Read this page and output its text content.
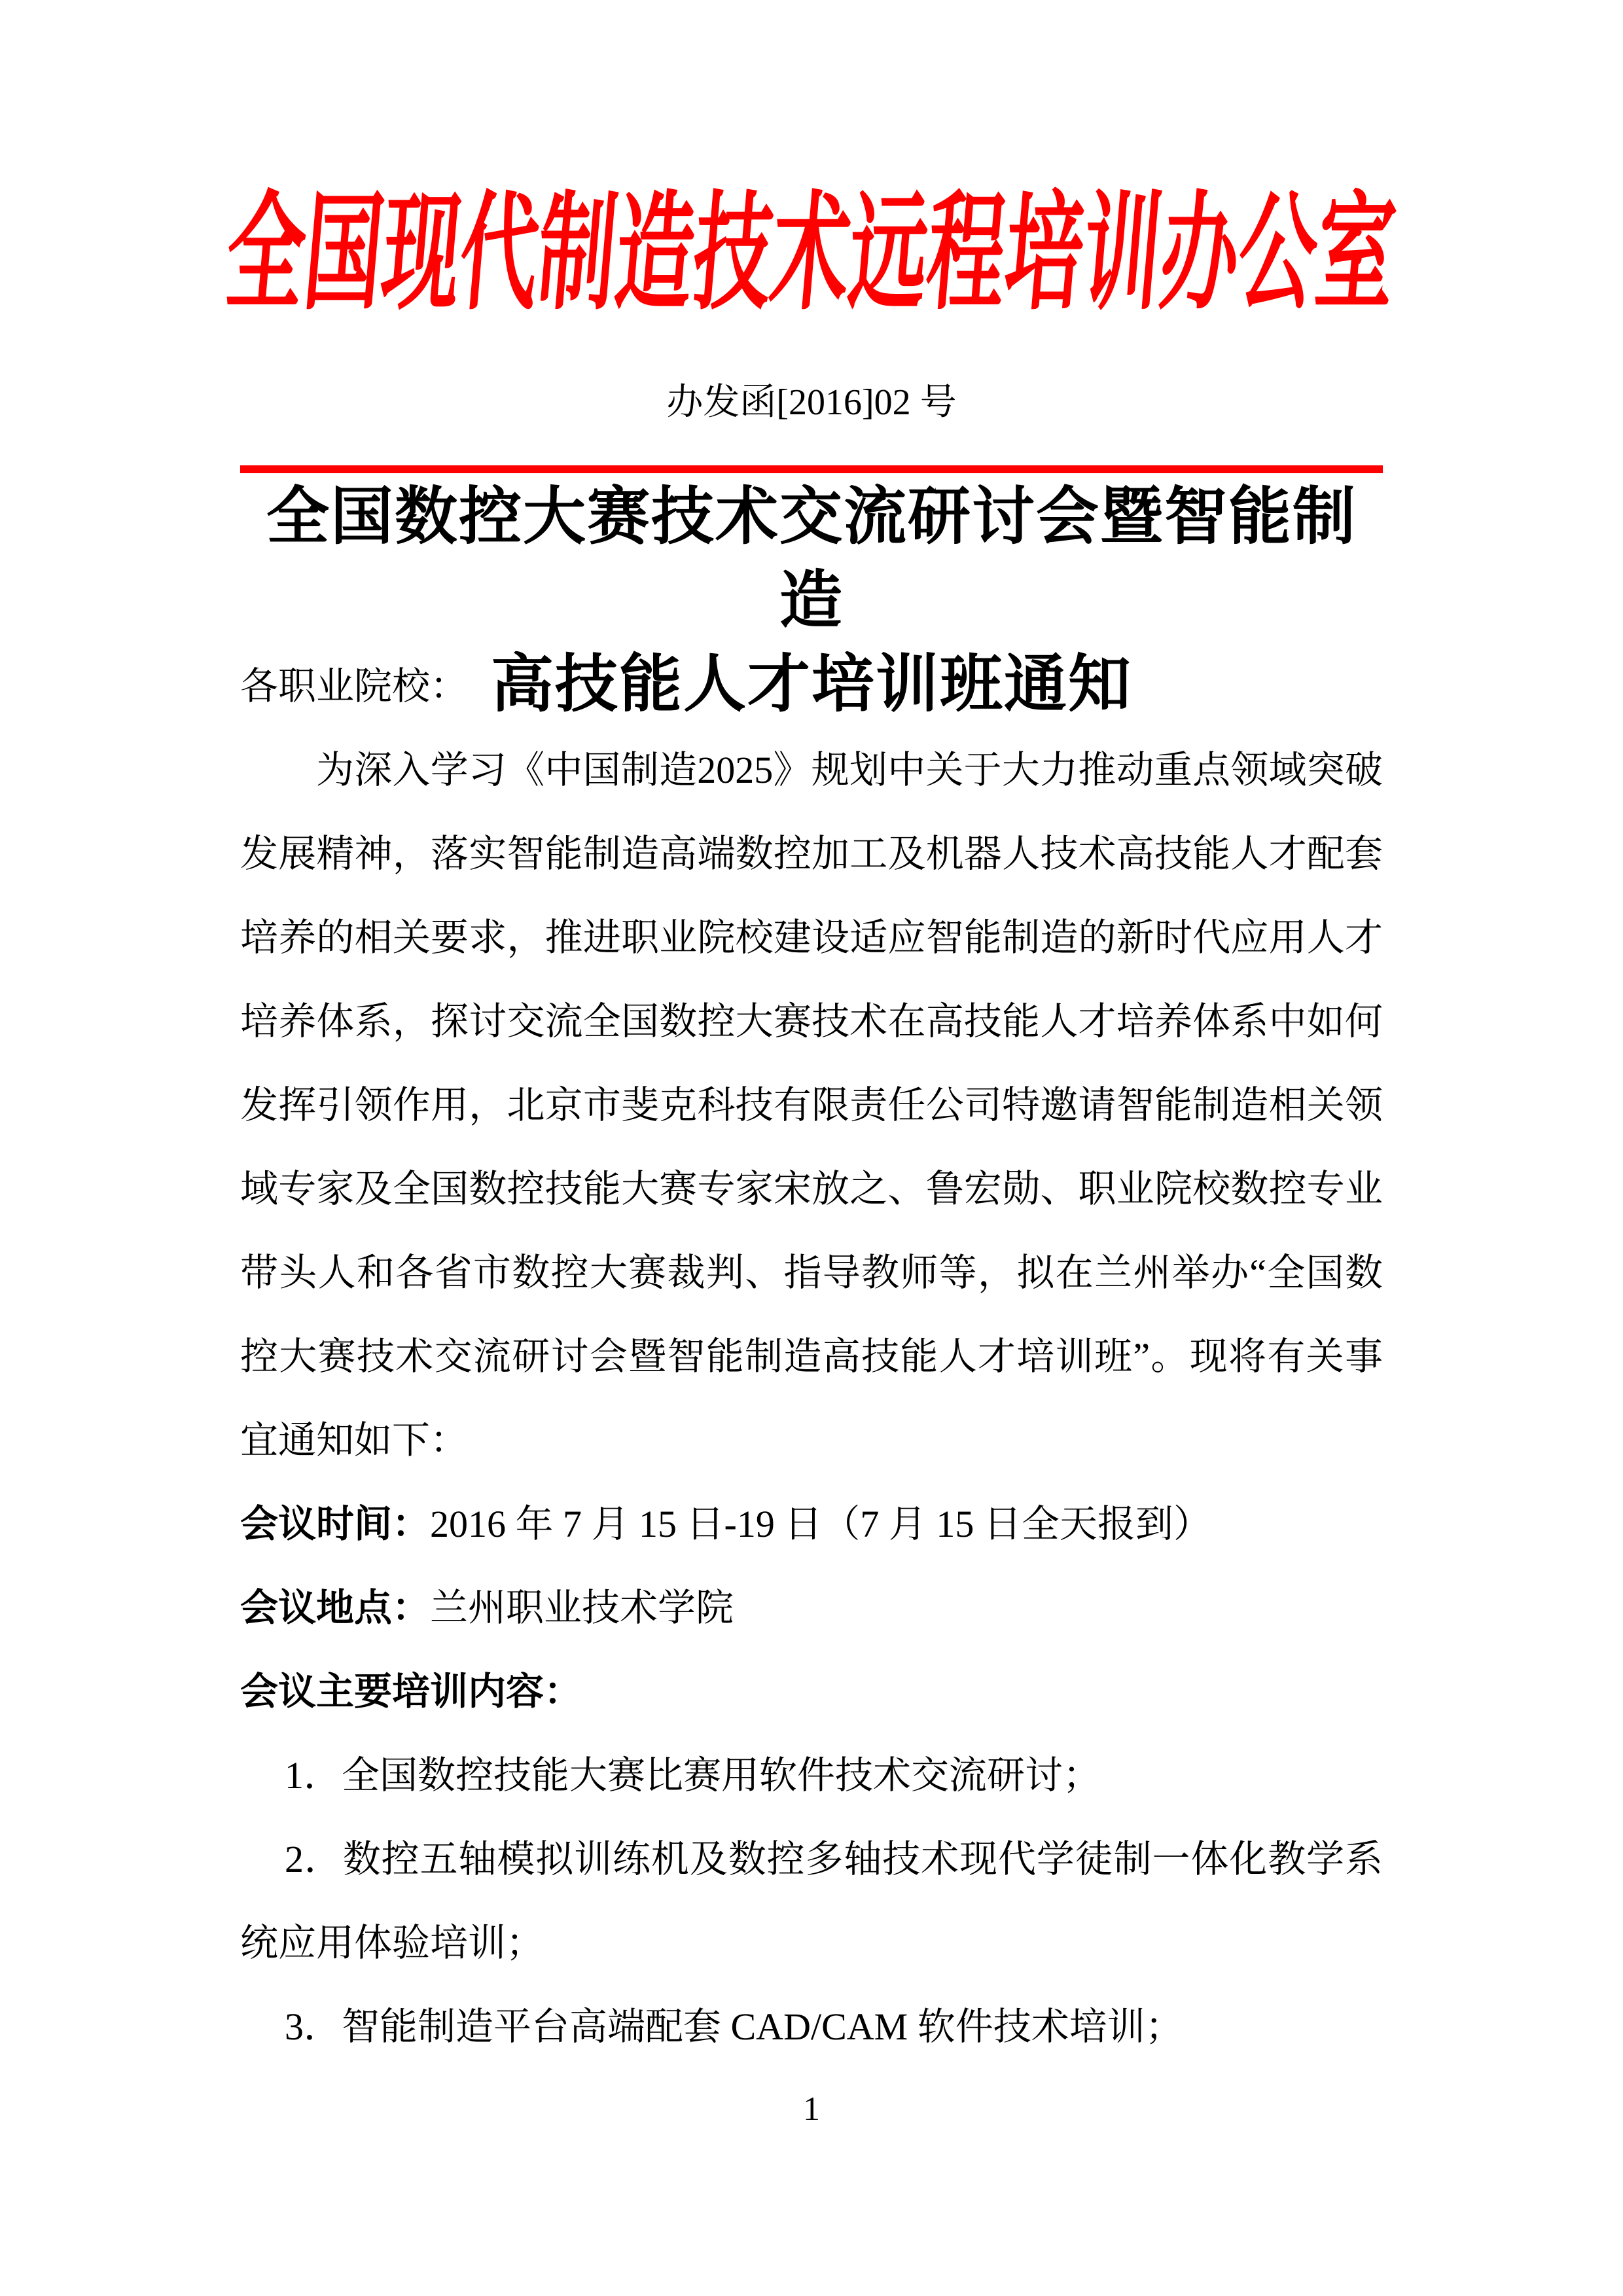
全国现代制造技术远程培训办公室
办发函[2016]02 号
全国数控大赛技术交流研讨会暨智能制造
高技能人才培训班通知
各职业院校：
为深入学习《中国制造2025》规划中关于大力推动重点领域突破
发展精神，落实智能制造高端数控加工及机器人技术高技能人才配套
培养的相关要求，推进职业院校建设适应智能制造的新时代应用人才
培养体系，探讨交流全国数控大赛技术在高技能人才培养体系中如何
发挥引领作用，北京市斐克科技有限责任公司特邀请智能制造相关领
域专家及全国数控技能大赛专家宋放之、鲁宏勋、职业院校数控专业
带头人和各省市数控大赛裁判、指导教师等，拟在兰州举办“全国数
控大赛技术交流研讨会暨智能制造高技能人才培训班”。现将有关事
宜通知如下：
会议时间：2016 年 7 月 15 日-19 日（7 月 15 日全天报到）
会议地点：兰州职业技术学院
会议主要培训内容：
1．全国数控技能大赛比赛用软件技术交流研讨；
2．数控五轴模拟训练机及数控多轴技术现代学徒制一体化教学系
统应用体验培训；
3．智能制造平台高端配套 CAD/CAM 软件技术培训；
1
